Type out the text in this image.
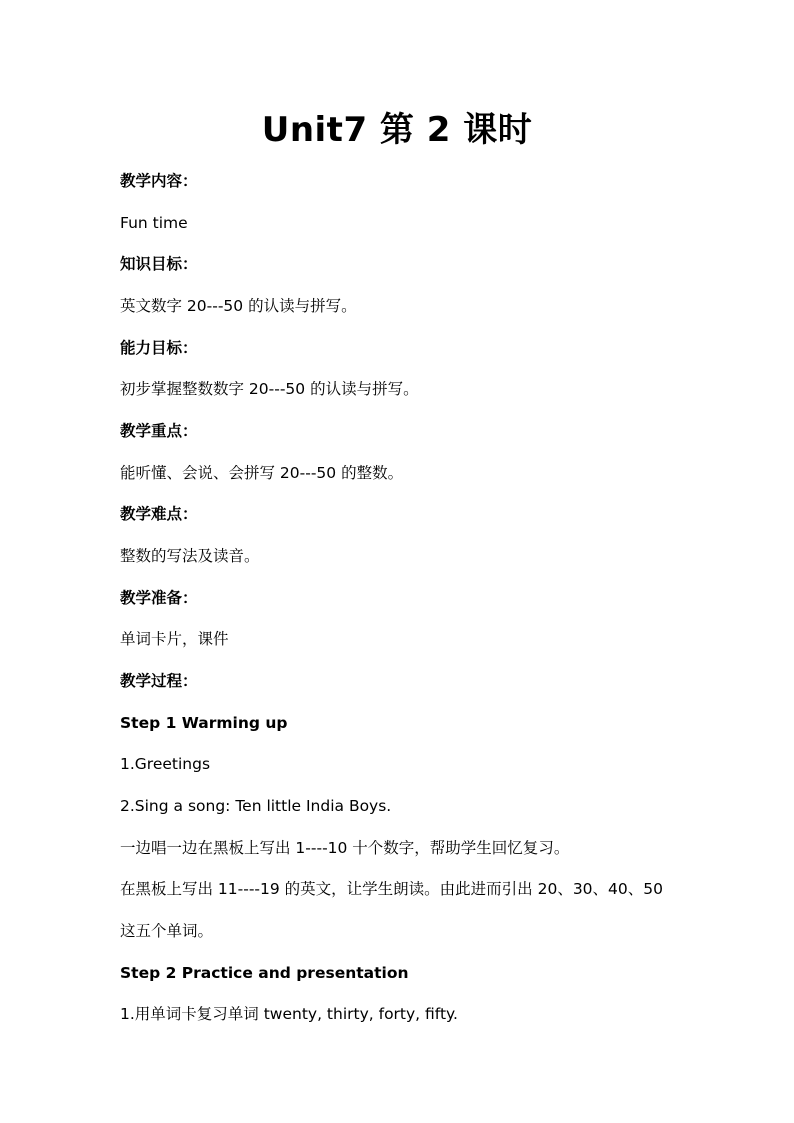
Unit7 第 2 课时
教学内容：
Fun time
知识目标：
英文数字 20---50 的认读与拼写。
能力目标：
初步掌握整数数字 20---50 的认读与拼写。
教学重点：
能听懂、会说、会拼写 20---50 的整数。
教学难点：
整数的写法及读音。
教学准备：
单词卡片，课件
教学过程：
Step 1 Warming up
1.Greetings
2.Sing a song: Ten little India Boys.
一边唱一边在黑板上写出 1----10 十个数字，帮助学生回忆复习。
在黑板上写出 11----19 的英文，让学生朗读。由此进而引出 20、30、40、50
这五个单词。
Step 2 Practice and presentation
1.用单词卡复习单词 twenty, thirty, forty, fifty.
